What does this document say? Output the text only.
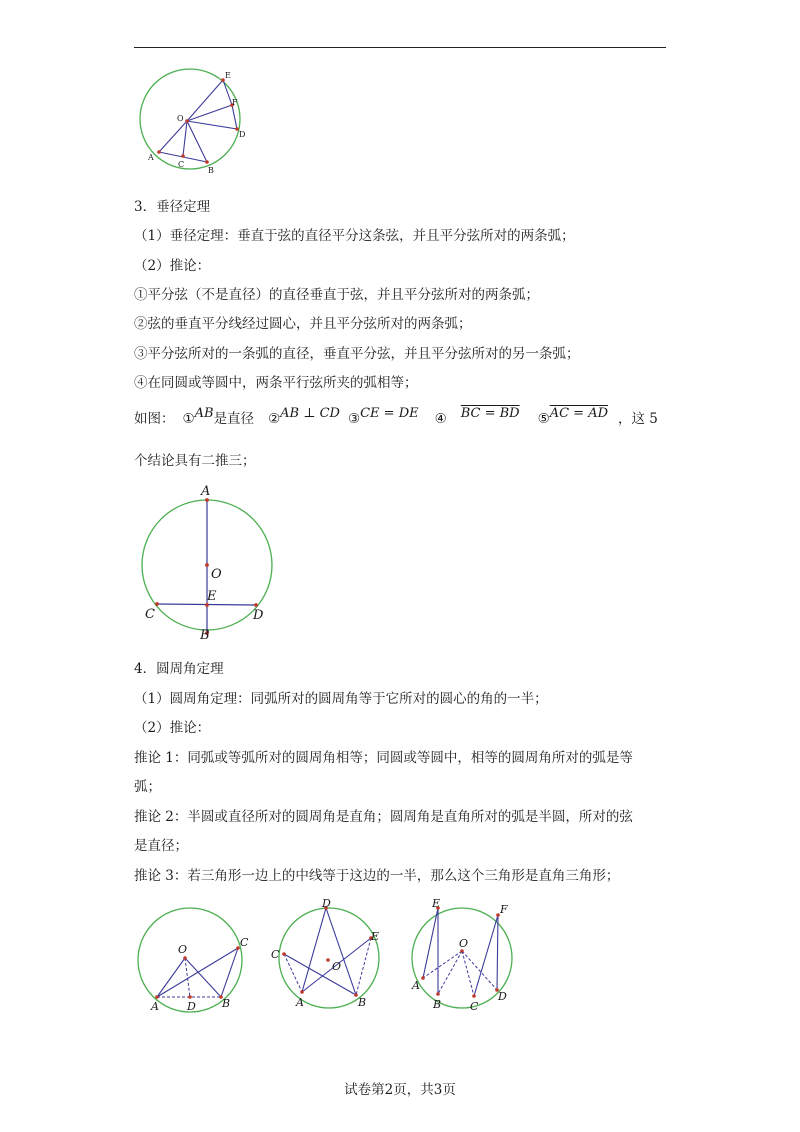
E
F
O
D
A
C
B
3．垂径定理
（1）垂径定理：垂直于弦的直径平分这条弦，并且平分弦所对的两条弧；
（2）推论：
①平分弦（不是直径）的直径垂直于弦，并且平分弦所对的两条弧；
②弦的垂直平分线经过圆心，并且平分弦所对的两条弧；
③平分弦所对的一条弧的直径，垂直平分弦，并且平分弦所对的另一条弧；
④在同圆或等圆中，两条平行弦所夹的弧相等；
如图： ①AB是直径 ②AB ⊥ CD ③CE = DE ④ BC = BD ⑤AC = AD ，这 5
个结论具有二推三；
A
O
E
C	D
B
4．圆周角定理
（1）圆周角定理：同弧所对的圆周角等于它所对的圆心的角的一半；
（2）推论：
推论 1：同弧或等弧所对的圆周角相等；同圆或等圆中，相等的圆周角所对的弧是等
弧；
推论 2：半圆或直径所对的圆周角是直角；圆周角是直角所对的弧是半圆，所对的弦
是直径；
推论 3：若三角形一边上的中线等于这边的一半，那么这个三角形是直角三角形；
O
C
A	D B
D
C
E
O
A	B
E	F
O
A
B	C
D
试卷第2页，共3页
